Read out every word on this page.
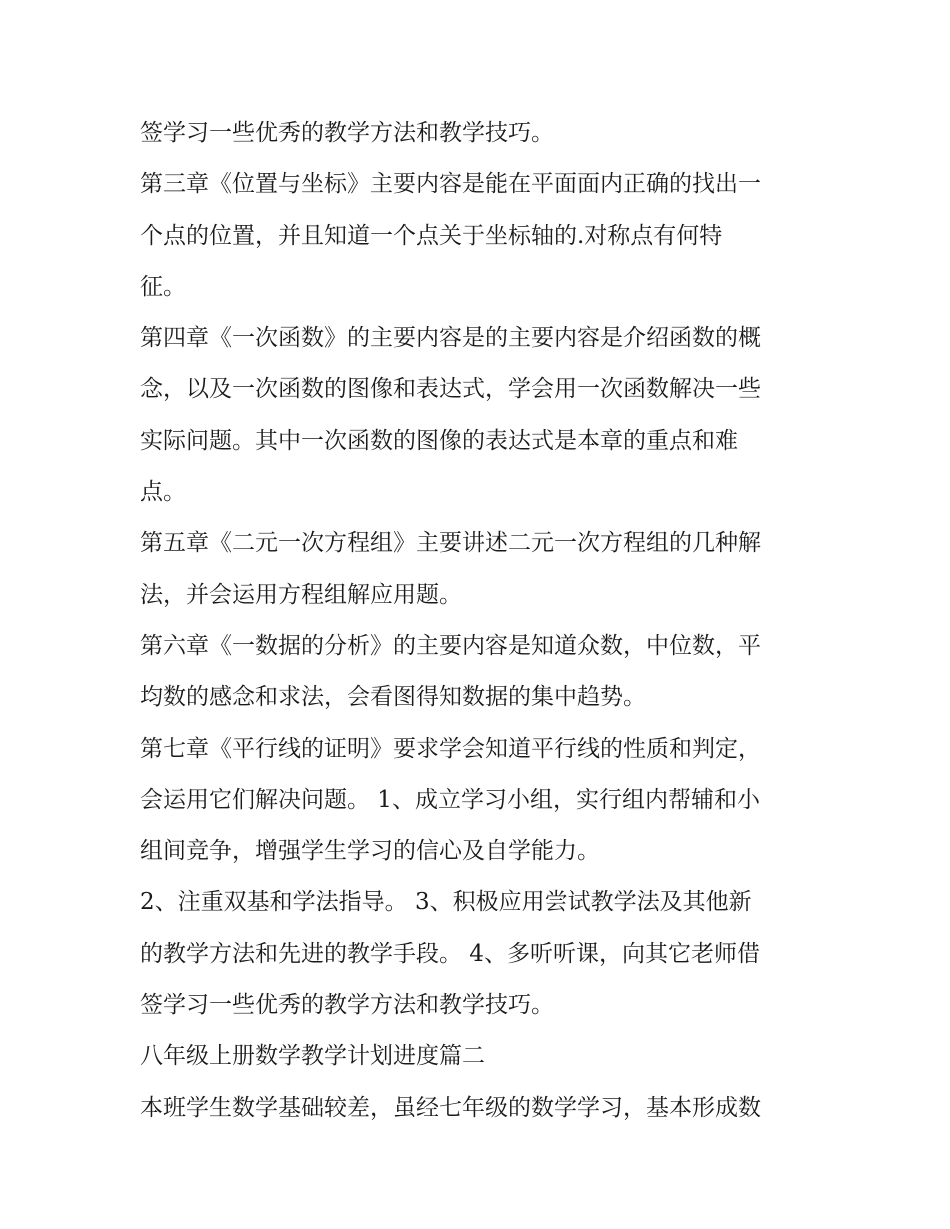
签学习一些优秀的教学方法和教学技巧。
第三章《位置与坐标》主要内容是能在平面面内正确的找出一
个点的位置，并且知道一个点关于坐标轴的.对称点有何特
征。
第四章《一次函数》的主要内容是的主要内容是介绍函数的概
念，以及一次函数的图像和表达式，学会用一次函数解决一些
实际问题。其中一次函数的图像的表达式是本章的重点和难
点。
第五章《二元一次方程组》主要讲述二元一次方程组的几种解
法，并会运用方程组解应用题。
第六章《一数据的分析》的主要内容是知道众数，中位数，平
均数的感念和求法，会看图得知数据的集中趋势。
第七章《平行线的证明》要求学会知道平行线的性质和判定，
会运用它们解决问题。 1、成立学习小组，实行组内帮辅和小
组间竞争，增强学生学习的信心及自学能力。
2、注重双基和学法指导。 3、积极应用尝试教学法及其他新
的教学方法和先进的教学手段。 4、多听听课，向其它老师借
签学习一些优秀的教学方法和教学技巧。
八年级上册数学教学计划进度篇二
本班学生数学基础较差，虽经七年级的数学学习，基本形成数
